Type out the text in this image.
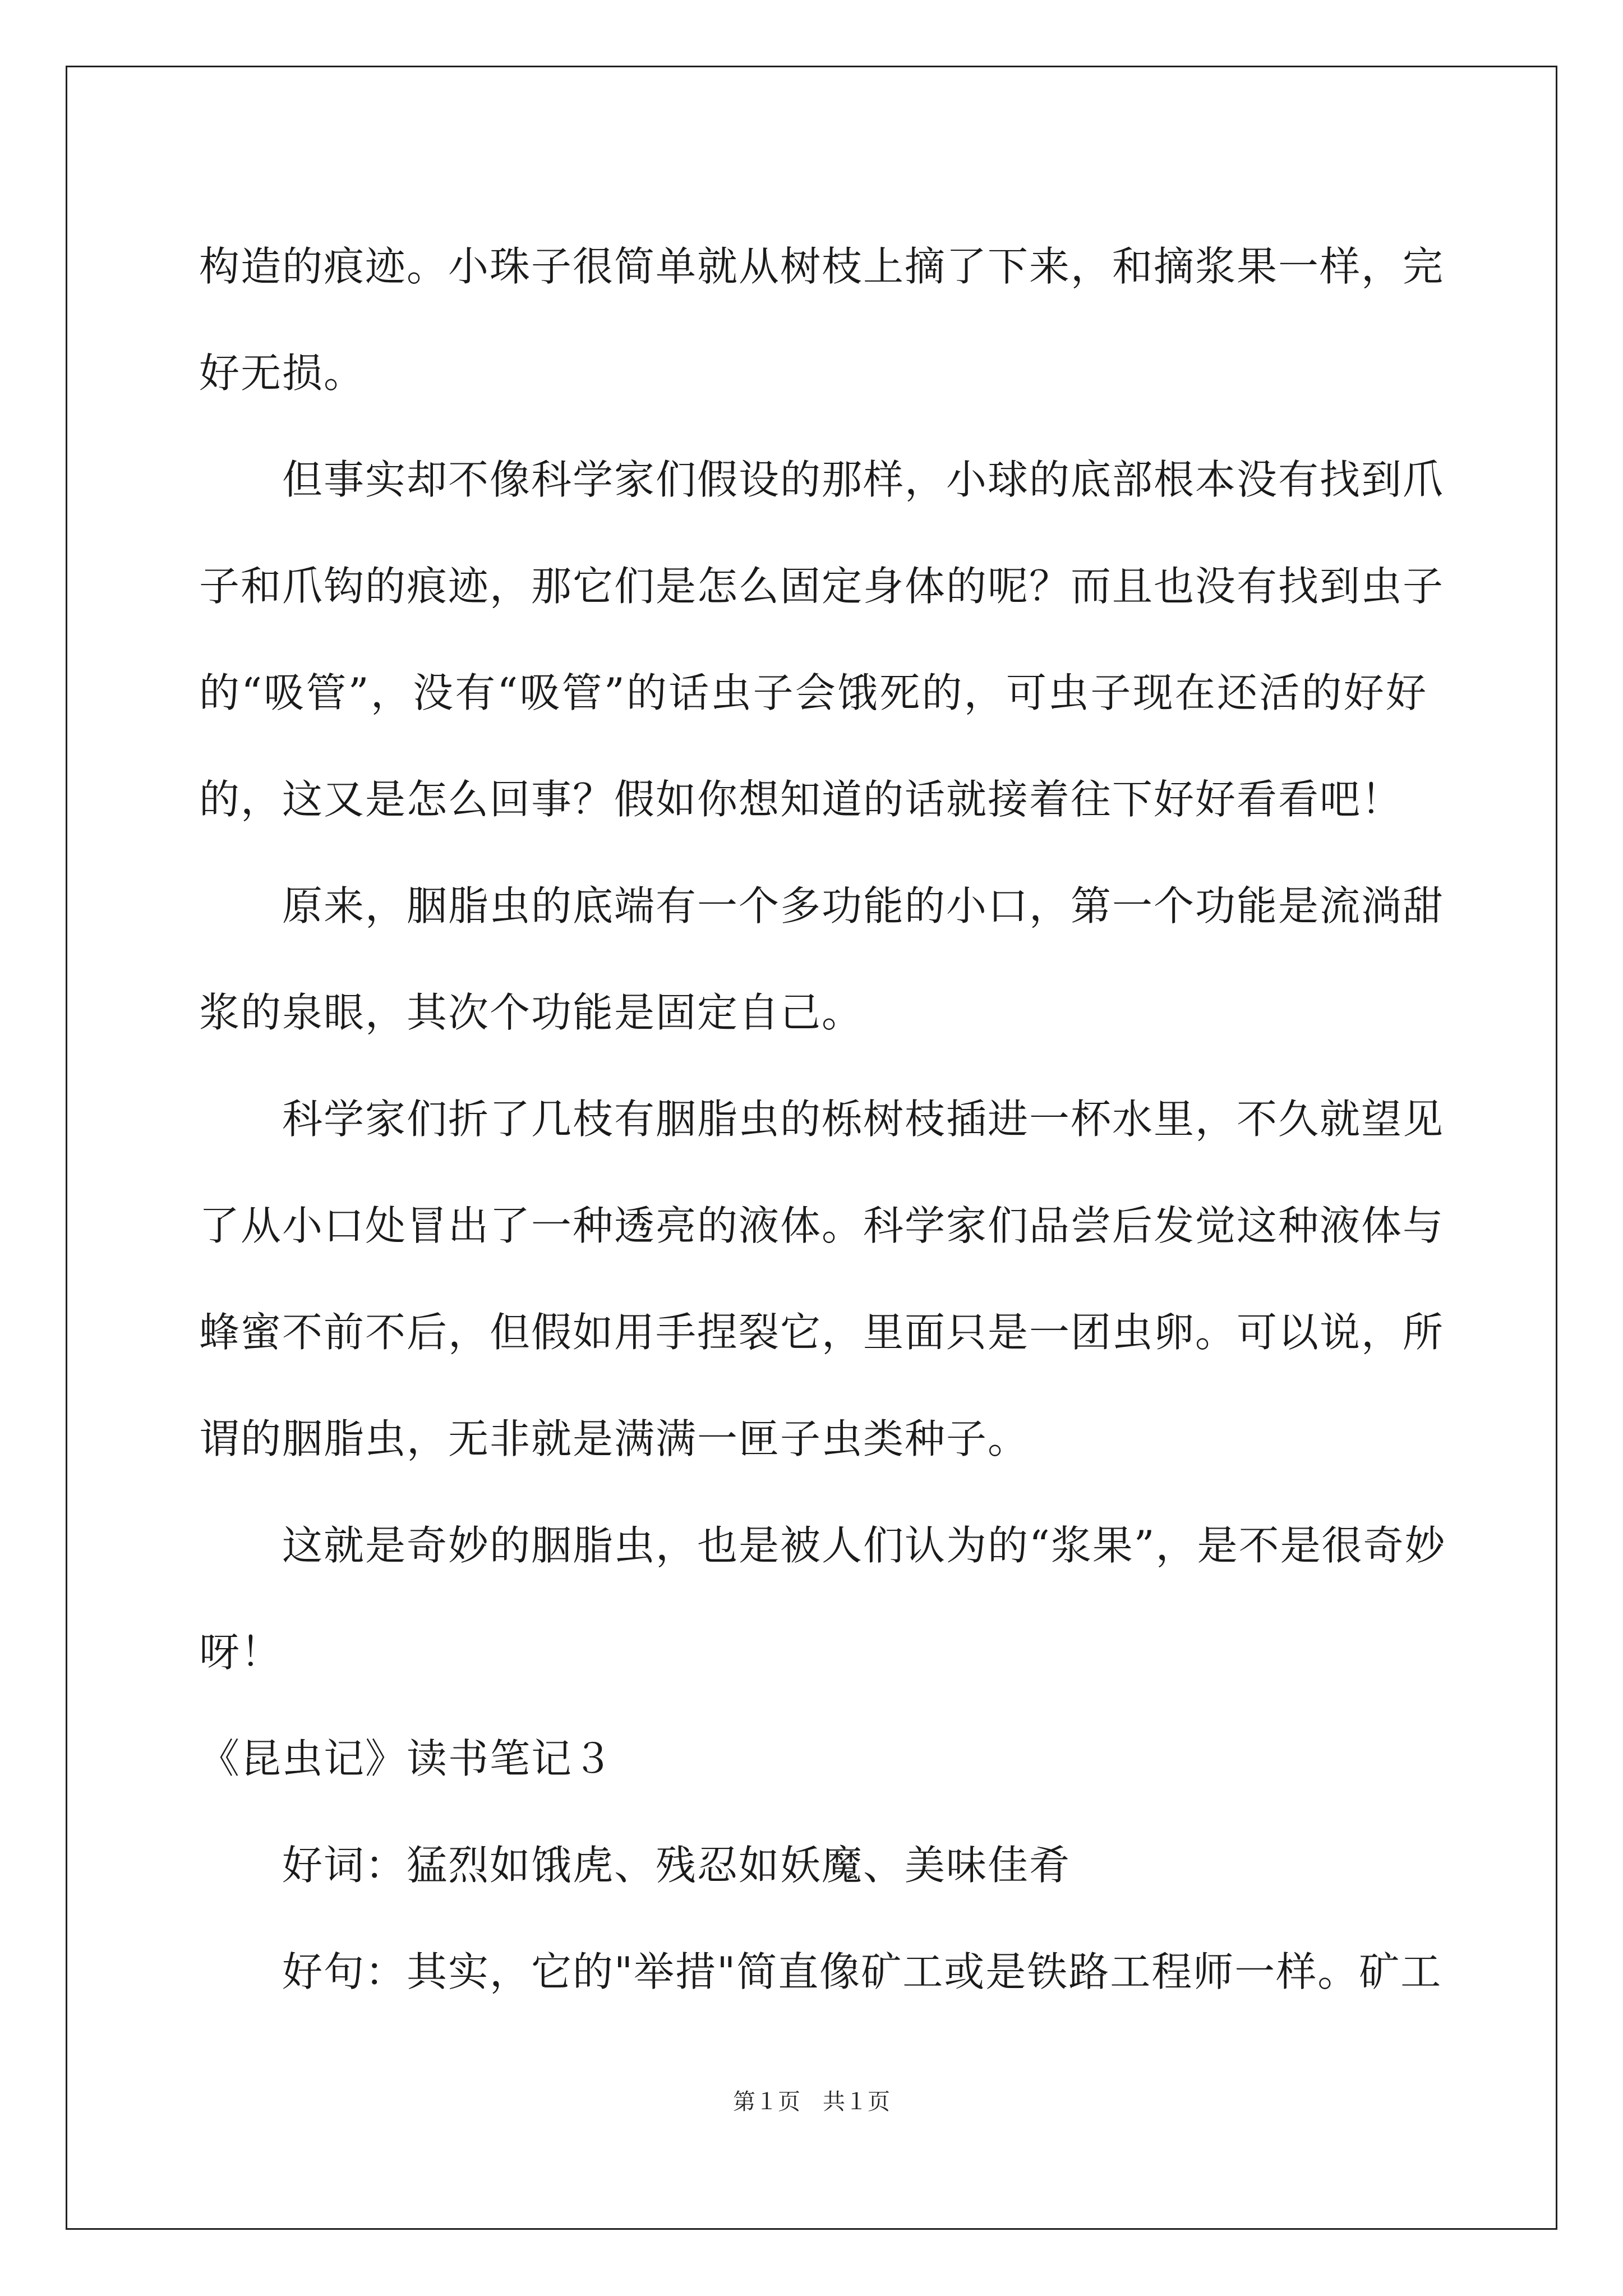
构造的痕迹。小珠子很简单就从树枝上摘了下来，和摘浆果一样，完
好无损。
但事实却不像科学家们假设的那样，小球的底部根本没有找到爪
子和爪钩的痕迹，那它们是怎么固定身体的呢？而且也没有找到虫子
的“吸管”，没有“吸管”的话虫子会饿死的，可虫子现在还活的好好
的，这又是怎么回事？假如你想知道的话就接着往下好好看看吧！
原来，胭脂虫的底端有一个多功能的小口，第一个功能是流淌甜
浆的泉眼，其次个功能是固定自己。
科学家们折了几枝有胭脂虫的栎树枝插进一杯水里，不久就望见
了从小口处冒出了一种透亮的液体。科学家们品尝后发觉这种液体与
蜂蜜不前不后，但假如用手捏裂它，里面只是一团虫卵。可以说，所
谓的胭脂虫，无非就是满满一匣子虫类种子。
这就是奇妙的胭脂虫，也是被人们认为的“浆果”，是不是很奇妙
呀！
《昆虫记》读书笔记３
好词：猛烈如饿虎、残忍如妖魔、美味佳肴
好句：其实，它的"举措"简直像矿工或是铁路工程师一样。矿工
第１页　共１页
